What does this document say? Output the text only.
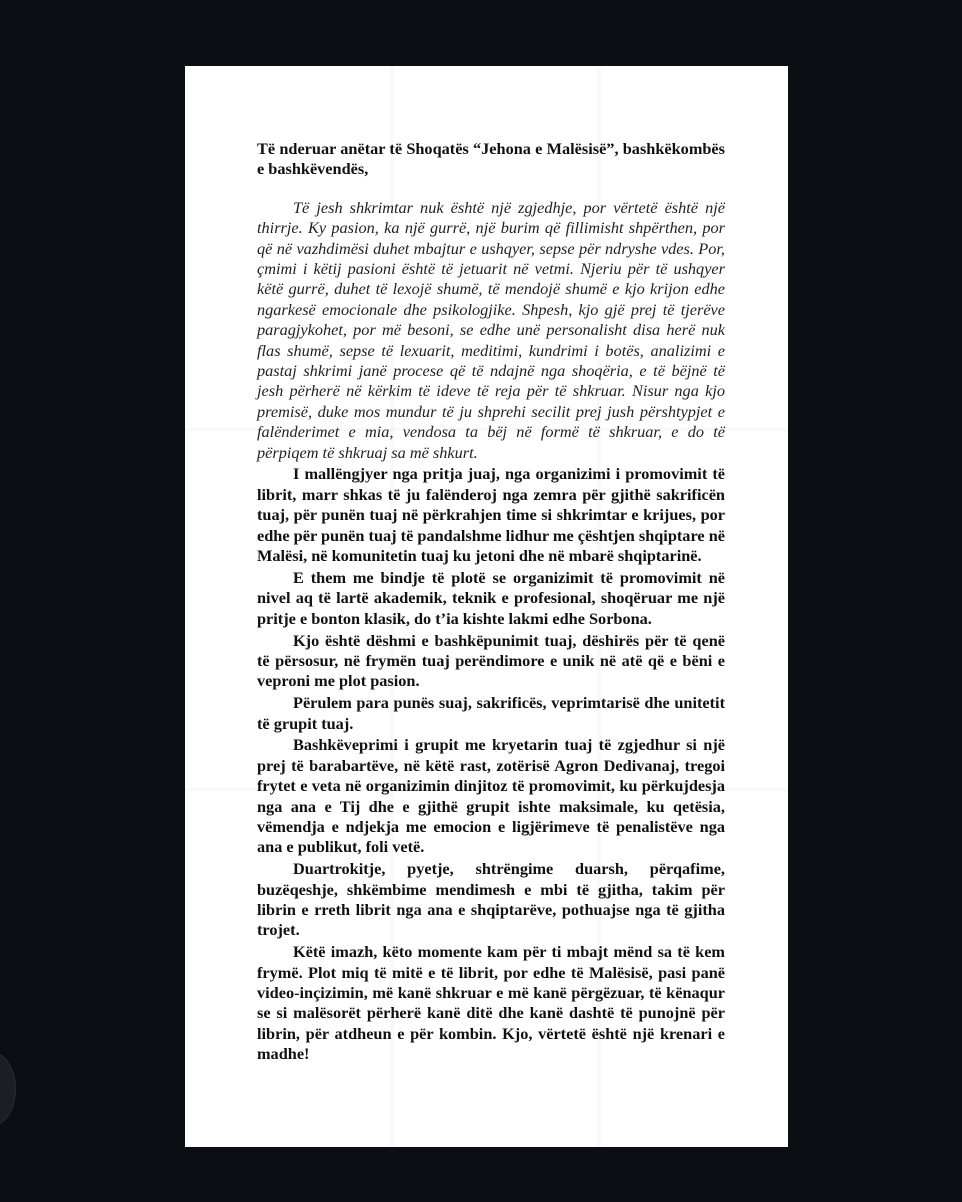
Të nderuar anëtar të Shoqatës “Jehona e Malësisë”, bashkëkombës e bashkëvendës,

Të jesh shkrimtar nuk është një zgjedhje, por vërtetë është një thirrje. Ky pasion, ka një gurrë, një burim që fillimisht shpërthen, por që në vazhdimësi duhet mbajtur e ushqyer, sepse për ndryshe vdes. Por, çmimi i këtij pasioni është të jetuarit në vetmi. Njeriu për të ushqyer këtë gurrë, duhet të lexojë shumë, të mendojë shumë e kjo krijon edhe ngarkesë emocionale dhe psikologjike. Shpesh, kjo gjë prej të tjerëve paragjykohet, por më besoni, se edhe unë personalisht disa herë nuk flas shumë, sepse të lexuarit, meditimi, kundrimi i botës, analizimi e pastaj shkrimi janë procese që të ndajnë nga shoqëria, e të bëjnë të jesh përherë në kërkim të ideve të reja për të shkruar. Nisur nga kjo premisë, duke mos mundur të ju shprehi secilit prej jush përshtypjet e falënderimet e mia, vendosa ta bëj në formë të shkruar, e do të përpiqem të shkruaj sa më shkurt.

I mallëngjyer nga pritja juaj, nga organizimi i promovimit të librit, marr shkas të ju falënderoj nga zemra për gjithë sakrificën tuaj, për punën tuaj në përkrahjen time si shkrimtar e krijues, por edhe për punën tuaj të pandalshme lidhur me çështjen shqiptare në Malësi, në komunitetin tuaj ku jetoni dhe në mbarë shqiptarinë.

E them me bindje të plotë se organizimit të promovimit në nivel aq të lartë akademik, teknik e profesional, shoqëruar me një pritje e bonton klasik, do t’ia kishte lakmi edhe Sorbona.

Kjo është dëshmi e bashkëpunimit tuaj, dëshirës për të qenë të përsosur, në frymën tuaj perëndimore e unik në atë që e bëni e vepronі me plot pasion.

Përulem para punës suaj, sakrificës, veprimtarisë dhe unitetit të grupit tuaj.

Bashkëveprimi i grupit me kryetarin tuaj të zgjedhur si një prej të barabartëve, në këtë rast, zotërisë Agron Dedivanaj, tregoi frytet e veta në organizimin dinjitoz të promovimit, ku përkujdesja nga ana e Tij dhe e gjithë grupit ishte maksimale, ku qetësia, vëmendja e ndjekja me emocion e ligjërimeve të penalistëve nga ana e publikut, foli vetë.

Duartrokitje, pyetje, shtrëngime duarsh, përqafime, buzëqeshje, shkëmbime mendimesh e mbi të gjitha, takim për librin e rreth librit nga ana e shqiptarëve, pothuajse nga të gjitha trojet.

Këtë imazh, këto momente kam për ti mbajt mënd sa të kem frymë. Plot miq të mitë e të librit, por edhe të Malësisë, pasi panë video-inçizimin, më kanë shkruar e më kanë përgëzuar, të kënaqur se si malësorët përherë kanë ditë dhe kanë dashtë të punojnë për librin, për atdheun e për kombin. Kjo, vërtetë është një krenari e madhe!
